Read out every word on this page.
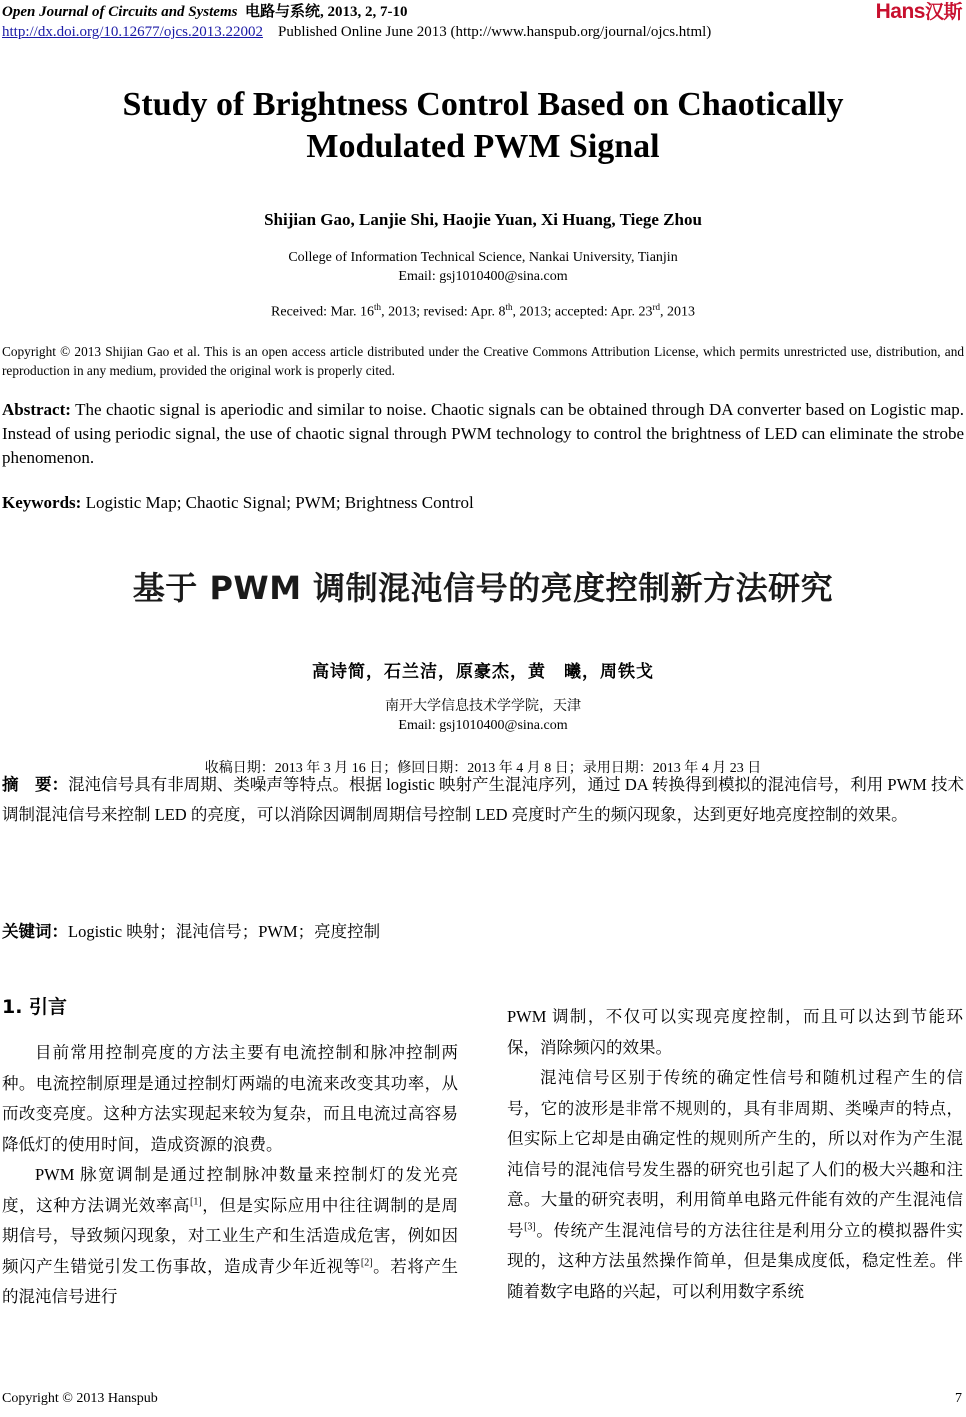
Open Journal of Circuits and Systems 电路与系统, 2013, 2, 7-10
http://dx.doi.org/10.12677/ojcs.2013.22002 Published Online June 2013 (http://www.hanspub.org/journal/ojcs.html)
Hans汉斯
Study of Brightness Control Based on Chaotically
Modulated PWM Signal
Shijian Gao, Lanjie Shi, Haojie Yuan, Xi Huang, Tiege Zhou
College of Information Technical Science, Nankai University, Tianjin
Email: gsj1010400@sina.com
Received: Mar. 16th, 2013; revised: Apr. 8th, 2013; accepted: Apr. 23rd, 2013
Copyright © 2013 Shijian Gao et al. This is an open access article distributed under the Creative Commons Attribution License, which permits unrestricted use, distribution, and reproduction in any medium, provided the original work is properly cited.
Abstract: The chaotic signal is aperiodic and similar to noise. Chaotic signals can be obtained through DA converter based on Logistic map. Instead of using periodic signal, the use of chaotic signal through PWM technology to control the brightness of LED can eliminate the strobe phenomenon.
Keywords: Logistic Map; Chaotic Signal; PWM; Brightness Control
基于 PWM 调制混沌信号的亮度控制新方法研究
高诗简，石兰洁，原豪杰，黄　曦，周铁戈
南开大学信息技术学学院，天津
Email: gsj1010400@sina.com
收稿日期：2013 年 3 月 16 日；修回日期：2013 年 4 月 8 日；录用日期：2013 年 4 月 23 日
摘　要：混沌信号具有非周期、类噪声等特点。根据 logistic 映射产生混沌序列，通过 DA 转换得到模拟的混沌信号，利用 PWM 技术调制混沌信号来控制 LED 的亮度，可以消除因调制周期信号控制 LED 亮度时产生的频闪现象，达到更好地亮度控制的效果。
关键词：Logistic 映射；混沌信号；PWM；亮度控制
1. 引言

目前常用控制亮度的方法主要有电流控制和脉冲控制两种。电流控制原理是通过控制灯两端的电流来改变其功率，从而改变亮度。这种方法实现起来较为复杂，而且电流过高容易降低灯的使用时间，造成资源的浪费。

PWM 脉宽调制是通过控制脉冲数量来控制灯的发光亮度，这种方法调光效率高[1]，但是实际应用中往往调制的是周期信号，导致频闪现象，对工业生产和生活造成危害，例如因频闪产生错觉引发工伤事故，造成青少年近视等[2]。若将产生的混沌信号进行

PWM 调制，不仅可以实现亮度控制，而且可以达到节能环保，消除频闪的效果。

混沌信号区别于传统的确定性信号和随机过程产生的信号，它的波形是非常不规则的，具有非周期、类噪声的特点，但实际上它却是由确定性的规则所产生的，所以对作为产生混沌信号的混沌信号发生器的研究也引起了人们的极大兴趣和注意。大量的研究表明，利用简单电路元件能有效的产生混沌信号[3]。传统产生混沌信号的方法往往是利用分立的模拟器件实现的，这种方法虽然操作简单，但是集成度低，稳定性差。伴随着数字电路的兴起，可以利用数字系统

Copyright © 2013 Hanspub	7
